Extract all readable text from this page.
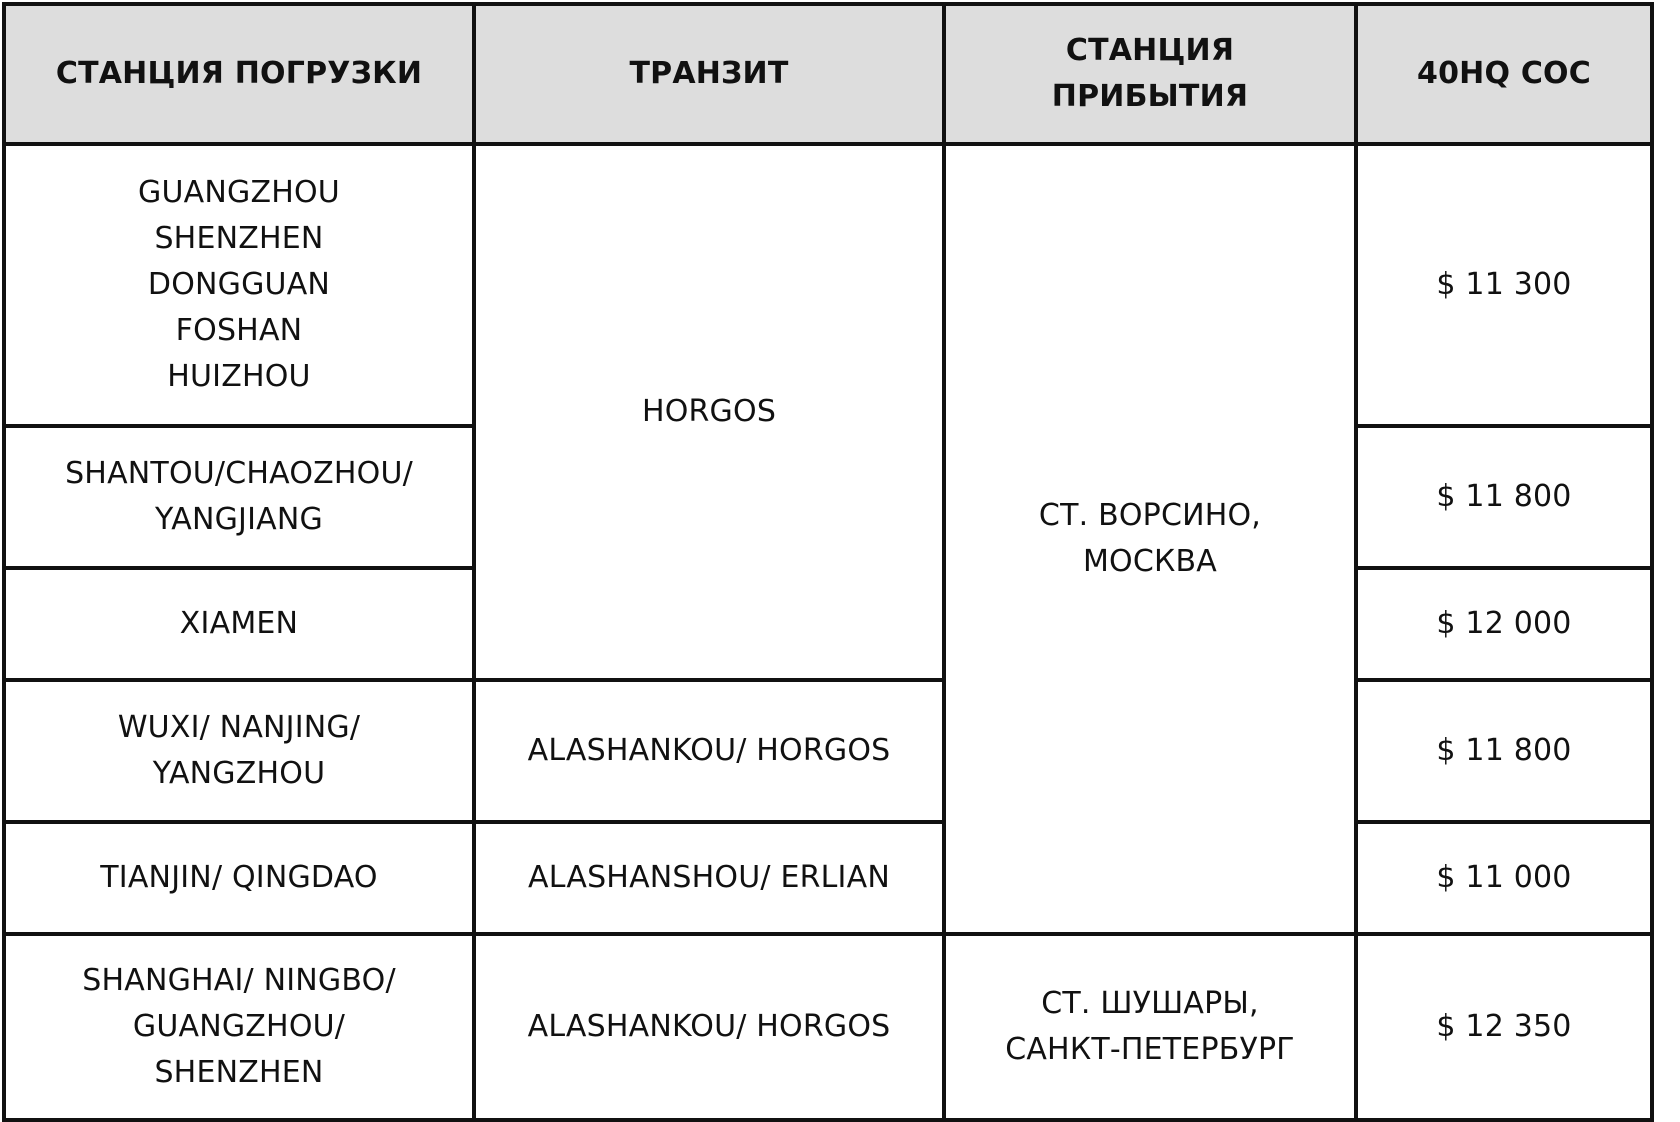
СТАНЦИЯ ПОГРУЗКИ	ТРАНЗИТ	СТАНЦИЯ
ПРИБЫТИЯ	40HQ COC

GUANGZHOU
SHENZHEN
DONGGUAN
FOSHAN
HUIZHOU	HORGOS	СТ. ВОРСИНО,
МОСКВА	$ 11 300

SHANTOU/CHAOZHOU/
YANGJIANG			$ 11 800

XIAMEN			$ 12 000

WUXI/ NANJING/
YANGZHOU	ALASHANKOU/ HORGOS		$ 11 800

TIANJIN/ QINGDAO	ALASHANSHOU/ ERLIAN		$ 11 000

SHANGHAI/ NINGBO/
GUANGZHOU/
SHENZHEN	ALASHANKOU/ HORGOS	СТ. ШУШАРЫ,
САНКТ-ПЕТЕРБУРГ	$ 12 350
